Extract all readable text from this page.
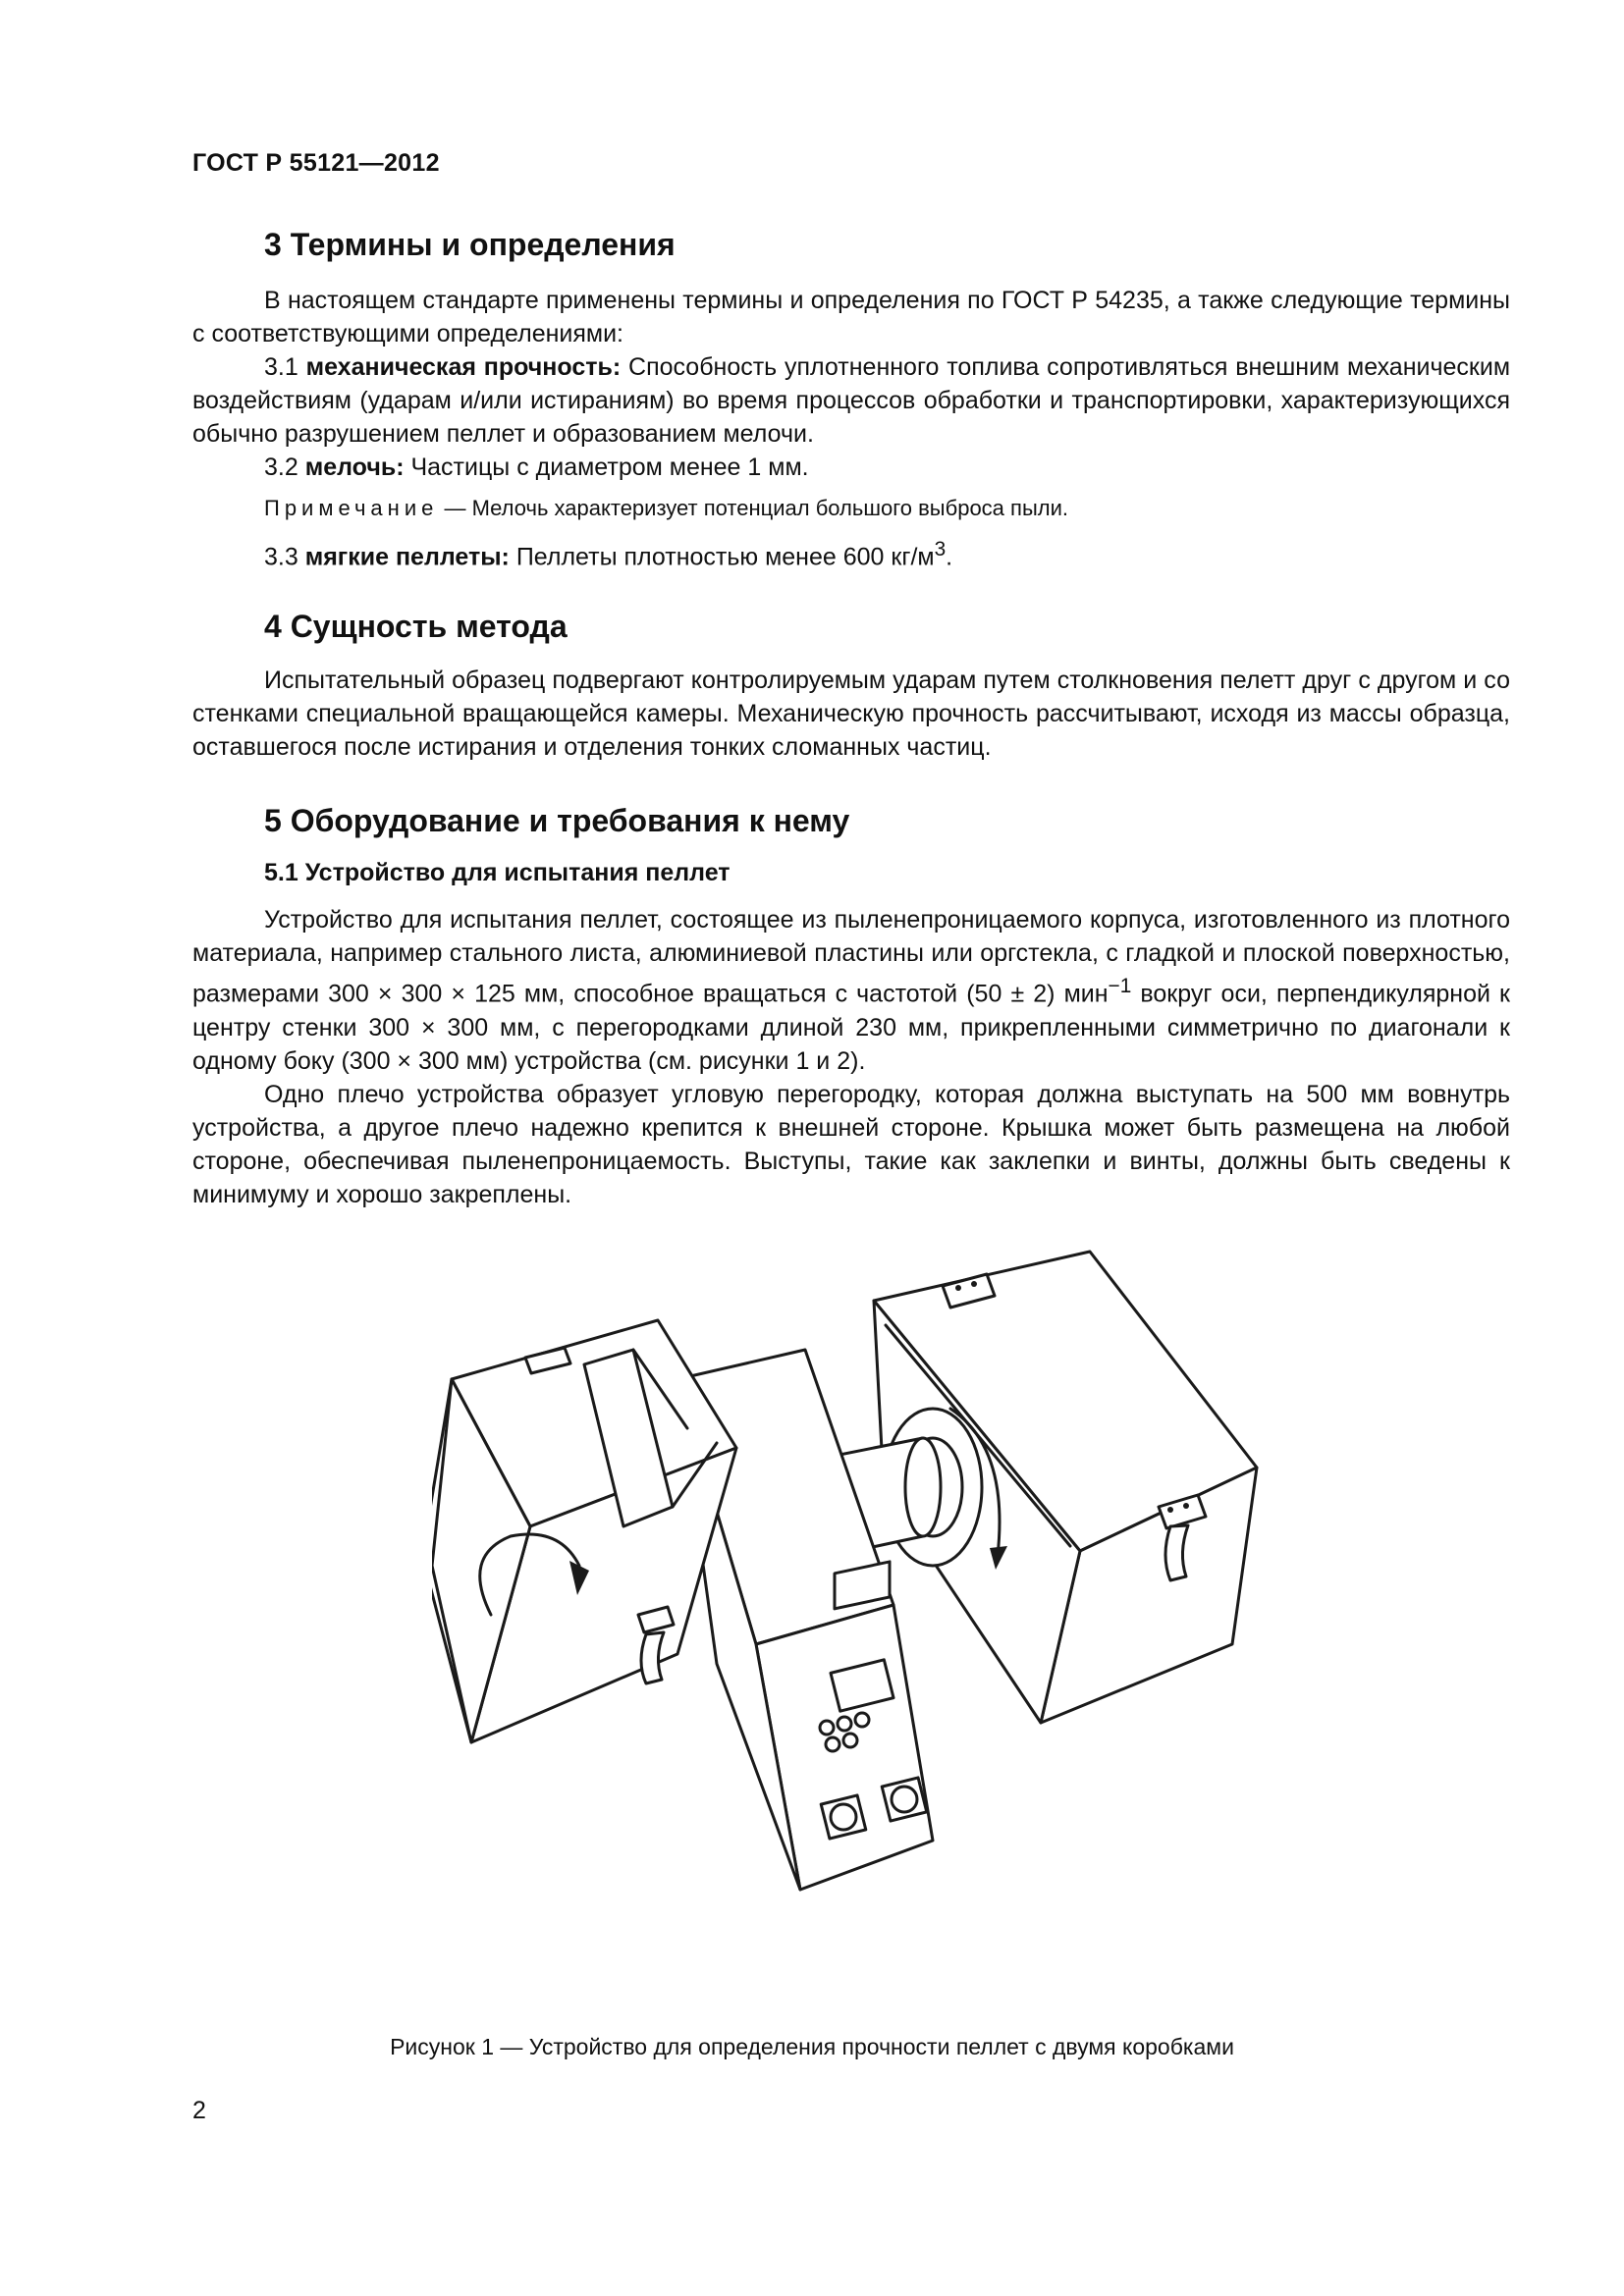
ГОСТ Р 55121—2012
3 Термины и определения

В настоящем стандарте применены термины и определения по ГОСТ Р 54235, а также следующие термины с соответствующими определениями:

3.1 механическая прочность: Способность уплотненного топлива сопротивляться внешним механическим воздействиям (ударам и/или истираниям) во время процессов обработки и транспортировки, характеризующихся обычно разрушением пеллет и образованием мелочи.

3.2 мелочь: Частицы с диаметром менее 1 мм.

Примечание — Мелочь характеризует потенциал большого выброса пыли.

3.3 мягкие пеллеты: Пеллеты плотностью менее 600 $кг/м^3$.

4 Сущность метода

Испытательный образец подвергают контролируемым ударам путем столкновения пелетт друг с другом и со стенками специальной вращающейся камеры. Механическую прочность рассчитывают, исходя из массы образца, оставшегося после истирания и отделения тонких сломанных частиц.

5 Оборудование и требования к нему
5.1 Устройство для испытания пеллет

Устройство для испытания пеллет, состоящее из пыленепроницаемого корпуса, изготовленного из плотного материала, например стального листа, алюминиевой пластины или оргстекла, с гладкой и плоской поверхностью, размерами 300 × 300 × 125 мм, способное вращаться с частотой (50 ± 2) мин$^{-1}$ вокруг оси, перпендикулярной к центру стенки 300 × 300 мм, с перегородками длиной 230 мм, прикрепленными симметрично по диагонали к одному боку (300 × 300 мм) устройства (см. рисунки 1 и 2).

Одно плечо устройства образует угловую перегородку, которая должна выступать на 500 мм вовнутрь устройства, а другое плечо надежно крепится к внешней стороне. Крышка может быть размещена на любой стороне, обеспечивая пыленепроницаемость. Выступы, такие как заклепки и винты, должны быть сведены к минимуму и хорошо закреплены.

Рисунок 1 — Устройство для определения прочности пеллет с двумя коробками
2
